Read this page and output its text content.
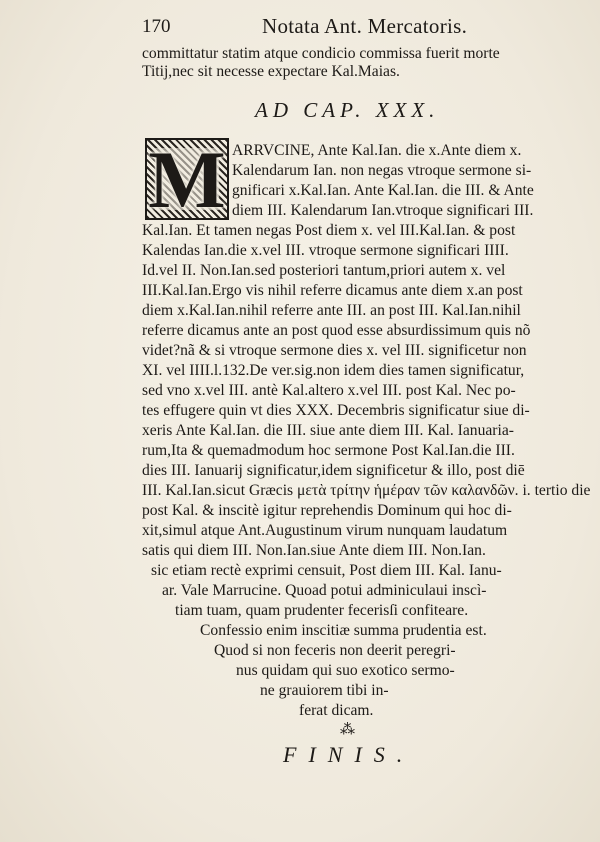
170	Notata Ant. Mercatoris.
committatur statim atque condicio commissa fuerit morte
Titij,nec sit necesse expectare Kal.Maias.
AD CAP. XXX.
M ARRVCINE, Ante Kal.Ian. die x.Ante diem x.
Kalendarum Ian. non negas vtroque sermone si-
gnificari x.Kal.Ian. Ante Kal.Ian. die III. & Ante
diem III. Kalendarum Ian.vtroque significari III.
Kal.Ian. Et tamen negas Post diem x. vel III.Kal.Ian. & post
Kalendas Ian.die x.vel III. vtroque sermone significari IIII.
Id.vel II. Non.Ian.sed posteriori tantum,priori autem x. vel
III.Kal.Ian.Ergo vis nihil referre dicamus ante diem x.an post
diem x.Kal.Ian.nihil referre ante III. an post III. Kal.Ian.nihil
referre dicamus ante an post quod esse absurdissimum quis nõ
videt?nã & si vtroque sermone dies x. vel III. significetur non
XI. vel IIII.l.132.De ver.sig.non idem dies tamen significatur,
sed vno x.vel III. antè Kal.altero x.vel III. post Kal. Nec po-
tes effugere quin vt dies XXX. Decembris significatur siue di-
xeris Ante Kal.Ian. die III. siue ante diem III. Kal. Ianuaria-
rum,Ita & quemadmodum hoc sermone Post Kal.Ian.die III.
dies III. Ianuarij significatur,idem significetur & illo, post diē
III. Kal.Ian.sicut Græcis μετὰ τρίτην ἡμέραν τῶν καλανδῶν. i. tertio die
post Kal. & inscitè igitur reprehendis Dominum qui hoc di-
xit,simul atque Ant.Augustinum virum nunquam laudatum
satis qui diem III. Non.Ian.siue Ante diem III. Non.Ian.
sic etiam rectè exprimi censuit, Post diem III. Kal. Ianu-
ar. Vale Marrucine. Quoad potui adminiculaui inscì-
tiam tuam, quam prudenter fecerisſi confiteare.
Confessio enim inscitiæ summa prudentia est.
Quod si non feceris non deerit peregri-
nus quidam qui suo exotico sermo-
ne grauiorem tibi in-
ferat dicam.
⁂
FINIS.
